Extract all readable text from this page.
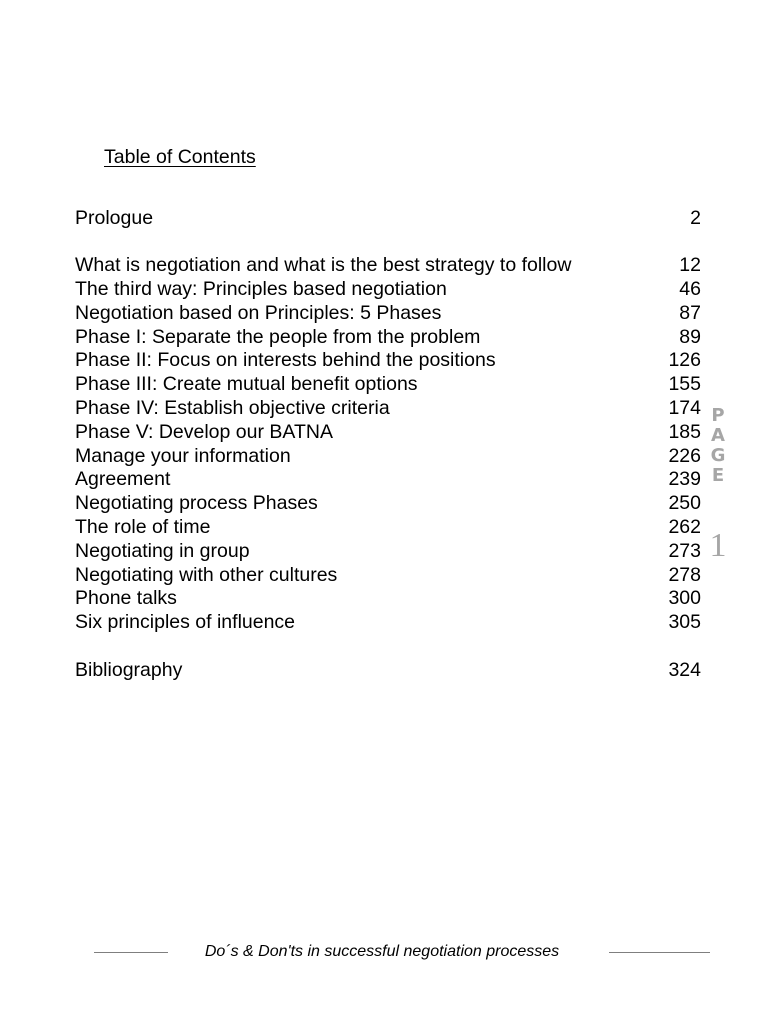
Table of Contents
Prologue	2
What is negotiation and what is the best strategy to follow	12
The third way: Principles based negotiation	46
Negotiation based on Principles: 5 Phases	87
Phase I: Separate the people from the problem	89
Phase II: Focus on interests behind the positions	126
Phase III: Create mutual benefit options	155
Phase IV: Establish objective criteria	174
Phase V: Develop our BATNA	185
Manage your information	226
Agreement	239
Negotiating process Phases	250
The role of time	262
Negotiating in group	273
Negotiating with other cultures	278
Phone talks	300
Six principles of influence	305
Bibliography	324
P
A
G
E
1
Do´s & Don'ts in successful negotiation processes
